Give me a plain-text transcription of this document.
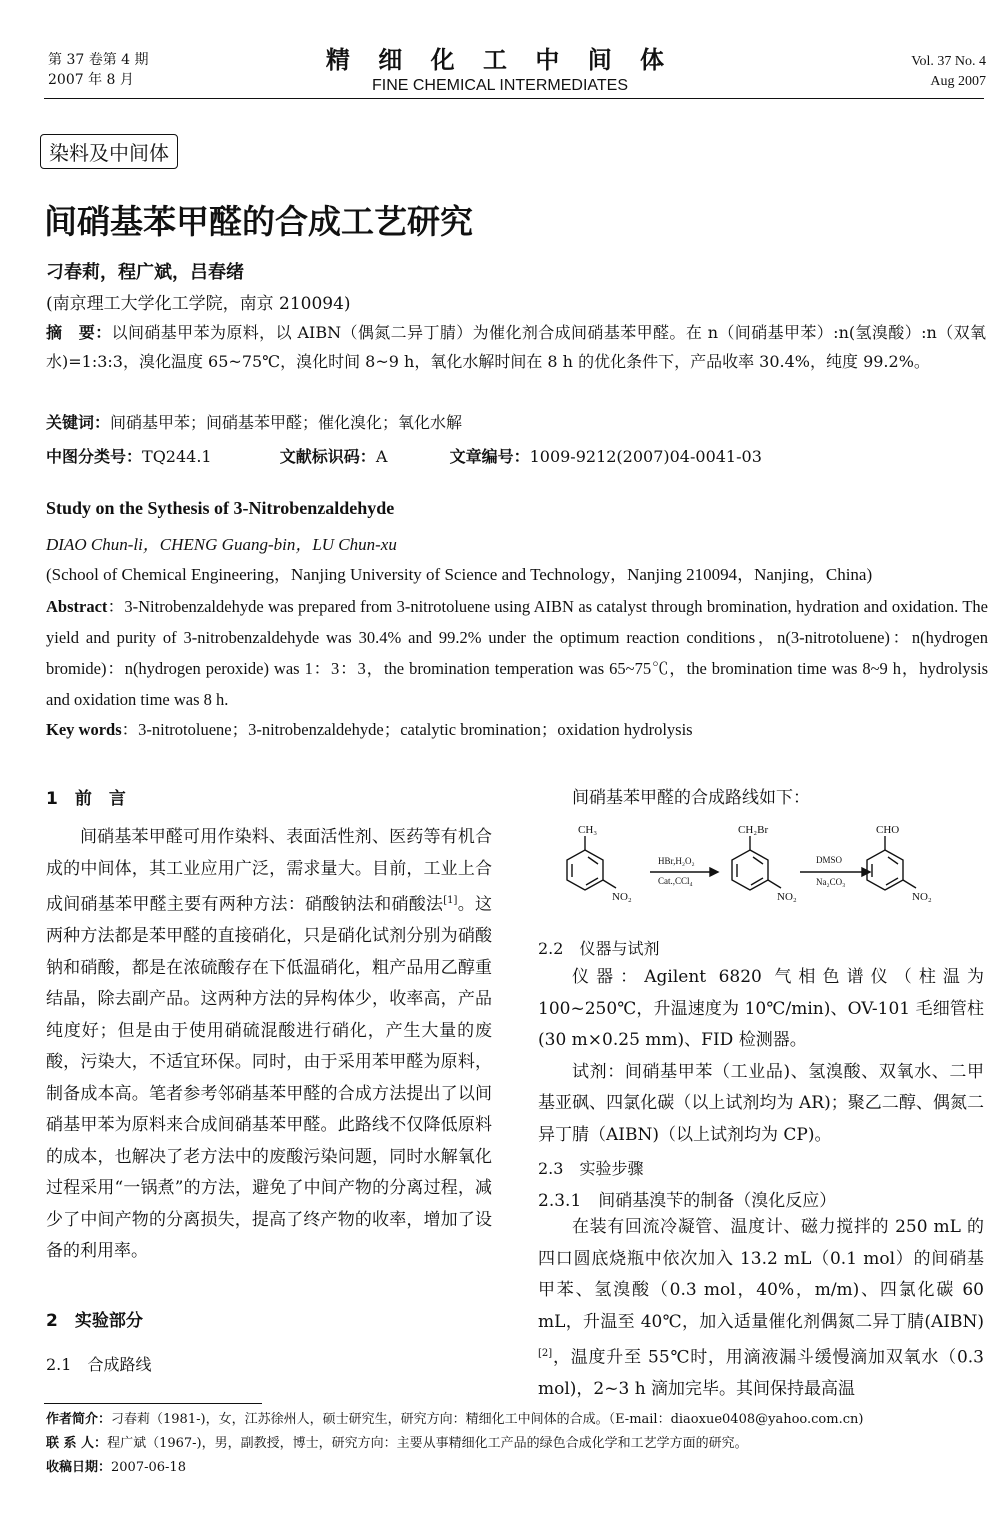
第 37 卷第 4 期
2007 年 8 月
精 细 化 工 中 间 体
FINE CHEMICAL INTERMEDIATES
Vol. 37 No. 4
Aug 2007
染料及中间体
间硝基苯甲醛的合成工艺研究
刁春莉，程广斌，吕春绪
(南京理工大学化工学院，南京 210094)
摘　要：以间硝基甲苯为原料，以 AIBN（偶氮二异丁腈）为催化剂合成间硝基苯甲醛。在 n（间硝基甲苯）:n(氢溴酸）:n（双氧水)=1:3:3，溴化温度 65~75℃，溴化时间 8~9 h，氧化水解时间在 8 h 的优化条件下，产品收率 30.4%，纯度 99.2%。
关键词：间硝基甲苯；间硝基苯甲醛；催化溴化；氧化水解
中图分类号：TQ244.1	文献标识码：A	文章编号：1009-9212(2007)04-0041-03
Study on the Sythesis of 3-Nitrobenzaldehyde
DIAO Chun-li，CHENG Guang-bin，LU Chun-xu
(School of Chemical Engineering，Nanjing University of Science and Technology，Nanjing 210094，Nanjing，China)
Abstract：3-Nitrobenzaldehyde was prepared from 3-nitrotoluene using AIBN as catalyst through bromination, hydration and oxidation. The yield and purity of 3-nitrobenzaldehyde was 30.4% and 99.2% under the optimum reaction conditions，n(3-nitrotoluene)：n(hydrogen bromide)：n(hydrogen peroxide) was 1：3：3，the bromination temperation was 65~75℃，the bromination time was 8~9 h，hydrolysis and oxidation time was 8 h.
Key words：3-nitrotoluene；3-nitrobenzaldehyde；catalytic bromination；oxidation hydrolysis
1　前　言

间硝基苯甲醛可用作染料、表面活性剂、医药等有机合成的中间体，其工业应用广泛，需求量大。目前，工业上合成间硝基苯甲醛主要有两种方法：硝酸钠法和硝酸法[1]。这两种方法都是苯甲醛的直接硝化，只是硝化试剂分别为硝酸钠和硝酸，都是在浓硫酸存在下低温硝化，粗产品用乙醇重结晶，除去副产品。这两种方法的异构体少，收率高，产品纯度好；但是由于使用硝硫混酸进行硝化，产生大量的废酸，污染大，不适宜环保。同时，由于采用苯甲醛为原料，制备成本高。笔者参考邻硝基苯甲醛的合成方法提出了以间硝基甲苯为原料来合成间硝基苯甲醛。此路线不仅降低原料的成本，也解决了老方法中的废酸污染问题，同时水解氧化过程采用“一锅煮”的方法，避免了中间产物的分离过程，减少了中间产物的分离损失，提高了终产物的收率，增加了设备的利用率。

2　实验部分
2.1　合成路线
间硝基苯甲醛的合成路线如下：
CH₃
NO₂
HBr,H₂O₂
Cat.,CCl₄
CH₂Br
NO₂
DMSO
Na₂CO₃
CHO
NO₂
2.2　仪器与试剂

仪器：Agilent 6820 气相色谱仪（柱温为 100~250℃，升温速度为 10℃/min)、OV-101 毛细管柱 (30 m×0.25 mm)、FID 检测器。

试剂：间硝基甲苯（工业品)、氢溴酸、双氧水、二甲基亚砜、四氯化碳（以上试剂均为 AR)；聚乙二醇、偶氮二异丁腈（AIBN)（以上试剂均为 CP)。

2.3　实验步骤
2.3.1　间硝基溴苄的制备（溴化反应）

在装有回流冷凝管、温度计、磁力搅拌的 250 mL 的四口圆底烧瓶中依次加入 13.2 mL（0.1 mol）的间硝基甲苯、氢溴酸（0.3 mol，40%，m/m)、四氯化碳 60 mL，升温至 40℃，加入适量催化剂偶氮二异丁腈(AIBN)[2]，温度升至 55℃时，用滴液漏斗缓慢滴加双氧水（0.3 mol)，2~3 h 滴加完毕。其间保持最高温

作者简介：刁春莉（1981-)，女，江苏徐州人，硕士研究生，研究方向：精细化工中间体的合成。（E-mail：diaoxue0408@yahoo.com.cn)
联 系 人：程广斌（1967-)，男，副教授，博士，研究方向：主要从事精细化工产品的绿色合成化学和工艺学方面的研究。
收稿日期：2007-06-18
